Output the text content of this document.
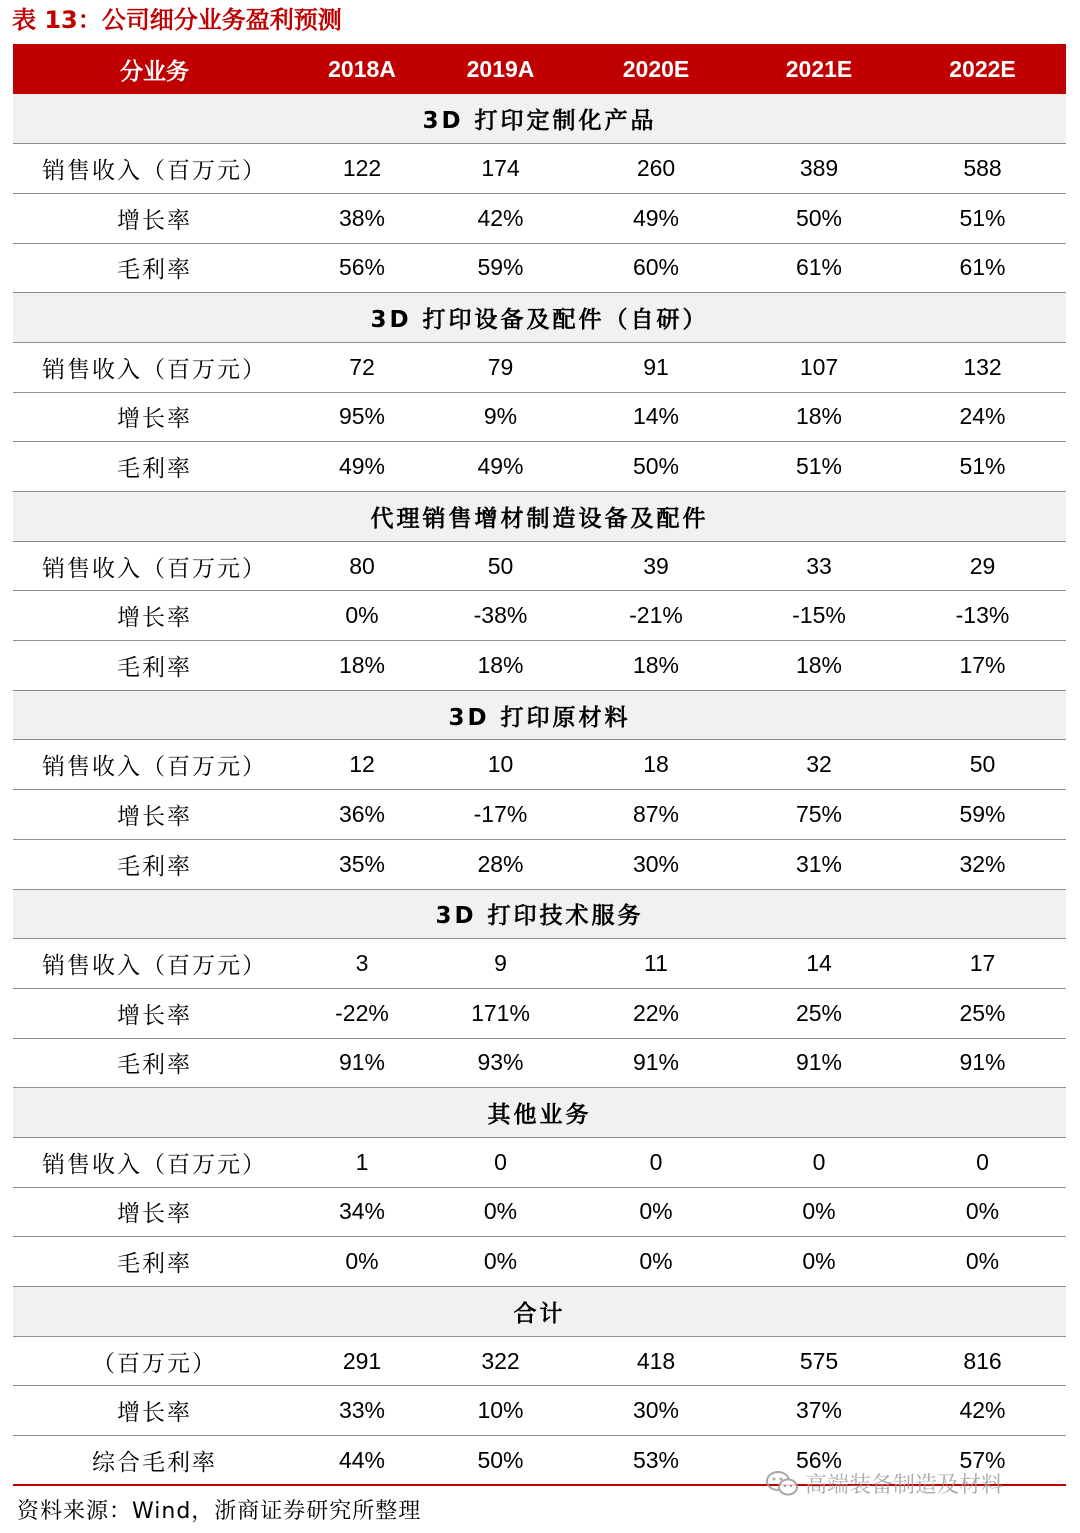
表 13：公司细分业务盈利预测
分业务	2018A	2019A	2020E	2021E	2022E
3D 打印定制化产品					
销售收入（百万元）	122	174	260	389	588
增长率	38%	42%	49%	50%	51%
毛利率	56%	59%	60%	61%	61%
3D 打印设备及配件（自研）					
销售收入（百万元）	72	79	91	107	132
增长率	95%	9%	14%	18%	24%
毛利率	49%	49%	50%	51%	51%
代理销售增材制造设备及配件					
销售收入（百万元）	80	50	39	33	29
增长率	0%	-38%	-21%	-15%	-13%
毛利率	18%	18%	18%	18%	17%
3D 打印原材料					
销售收入（百万元）	12	10	18	32	50
增长率	36%	-17%	87%	75%	59%
毛利率	35%	28%	30%	31%	32%
3D 打印技术服务					
销售收入（百万元）	3	9	11	14	17
增长率	-22%	171%	22%	25%	25%
毛利率	91%	93%	91%	91%	91%
其他业务					
销售收入（百万元）	1	0	0	0	0
增长率	34%	0%	0%	0%	0%
毛利率	0%	0%	0%	0%	0%
合计					
（百万元）	291	322	418	575	816
增长率	33%	10%	30%	37%	42%
综合毛利率	44%	50%	53%	56%	57%
资料来源：Wind，浙商证券研究所整理
高端装备制造及材料
